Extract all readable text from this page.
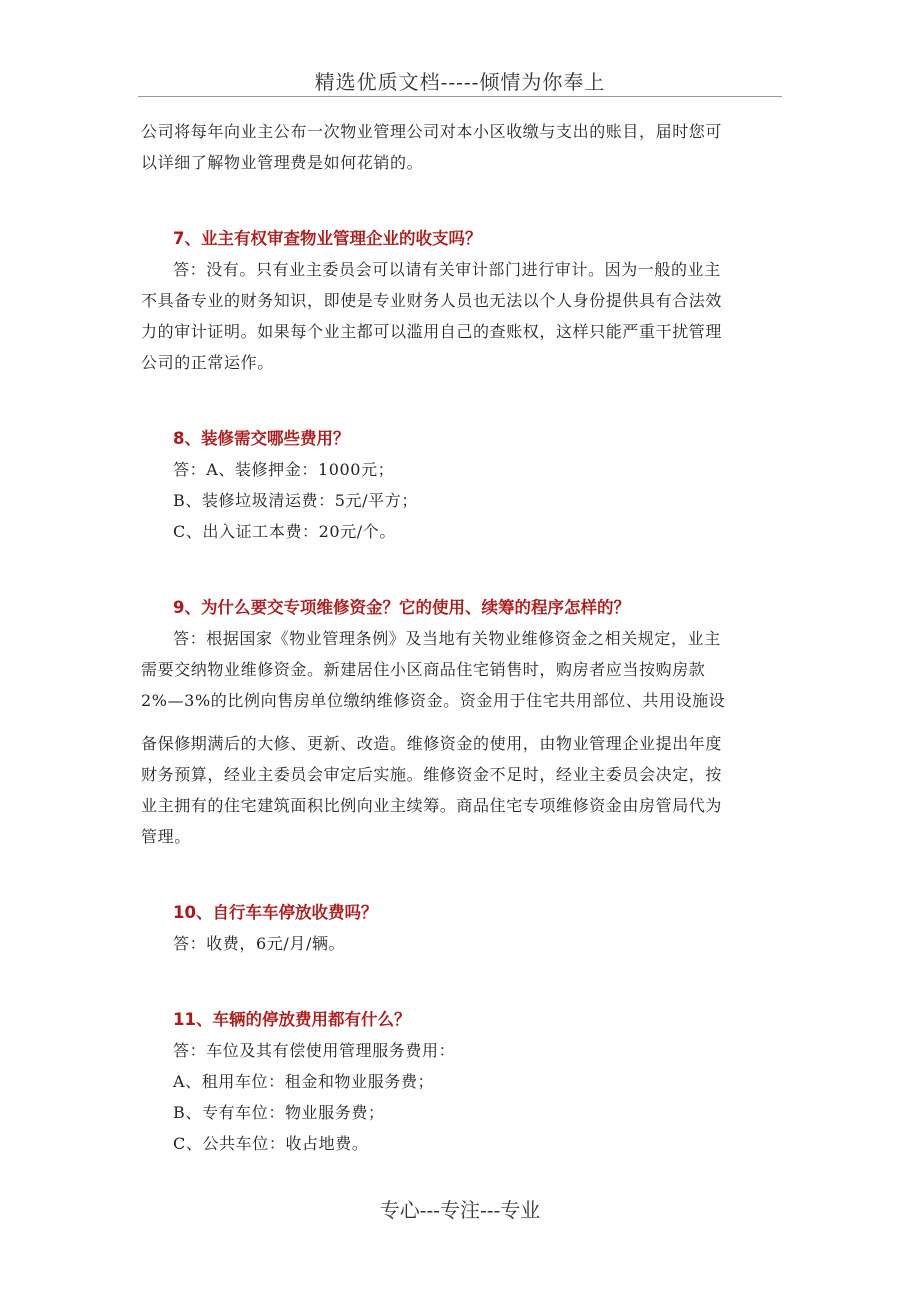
精选优质文档-----倾情为你奉上

公司将每年向业主公布一次物业管理公司对本小区收缴与支出的账目，届时您可

以详细了解物业管理费是如何花销的。

7、业主有权审查物业管理企业的收支吗？

答：没有。只有业主委员会可以请有关审计部门进行审计。因为一般的业主

不具备专业的财务知识，即使是专业财务人员也无法以个人身份提供具有合法效

力的审计证明。如果每个业主都可以滥用自己的查账权，这样只能严重干扰管理

公司的正常运作。

8、装修需交哪些费用？

答：A、装修押金：1000元；

B、装修垃圾清运费：5元/平方；

C、出入证工本费：20元/个。

9、为什么要交专项维修资金？它的使用、续筹的程序怎样的？

答：根据国家《物业管理条例》及当地有关物业维修资金之相关规定，业主

需要交纳物业维修资金。新建居住小区商品住宅销售时，购房者应当按购房款

2%—3%的比例向售房单位缴纳维修资金。资金用于住宅共用部位、共用设施设

备保修期满后的大修、更新、改造。维修资金的使用，由物业管理企业提出年度

财务预算，经业主委员会审定后实施。维修资金不足时，经业主委员会决定，按

业主拥有的住宅建筑面积比例向业主续筹。商品住宅专项维修资金由房管局代为

管理。

10、自行车车停放收费吗？

答：收费，6元/月/辆。

11、车辆的停放费用都有什么？

答：车位及其有偿使用管理服务费用：

A、租用车位：租金和物业服务费；

B、专有车位：物业服务费；

C、公共车位：收占地费。

专心---专注---专业
